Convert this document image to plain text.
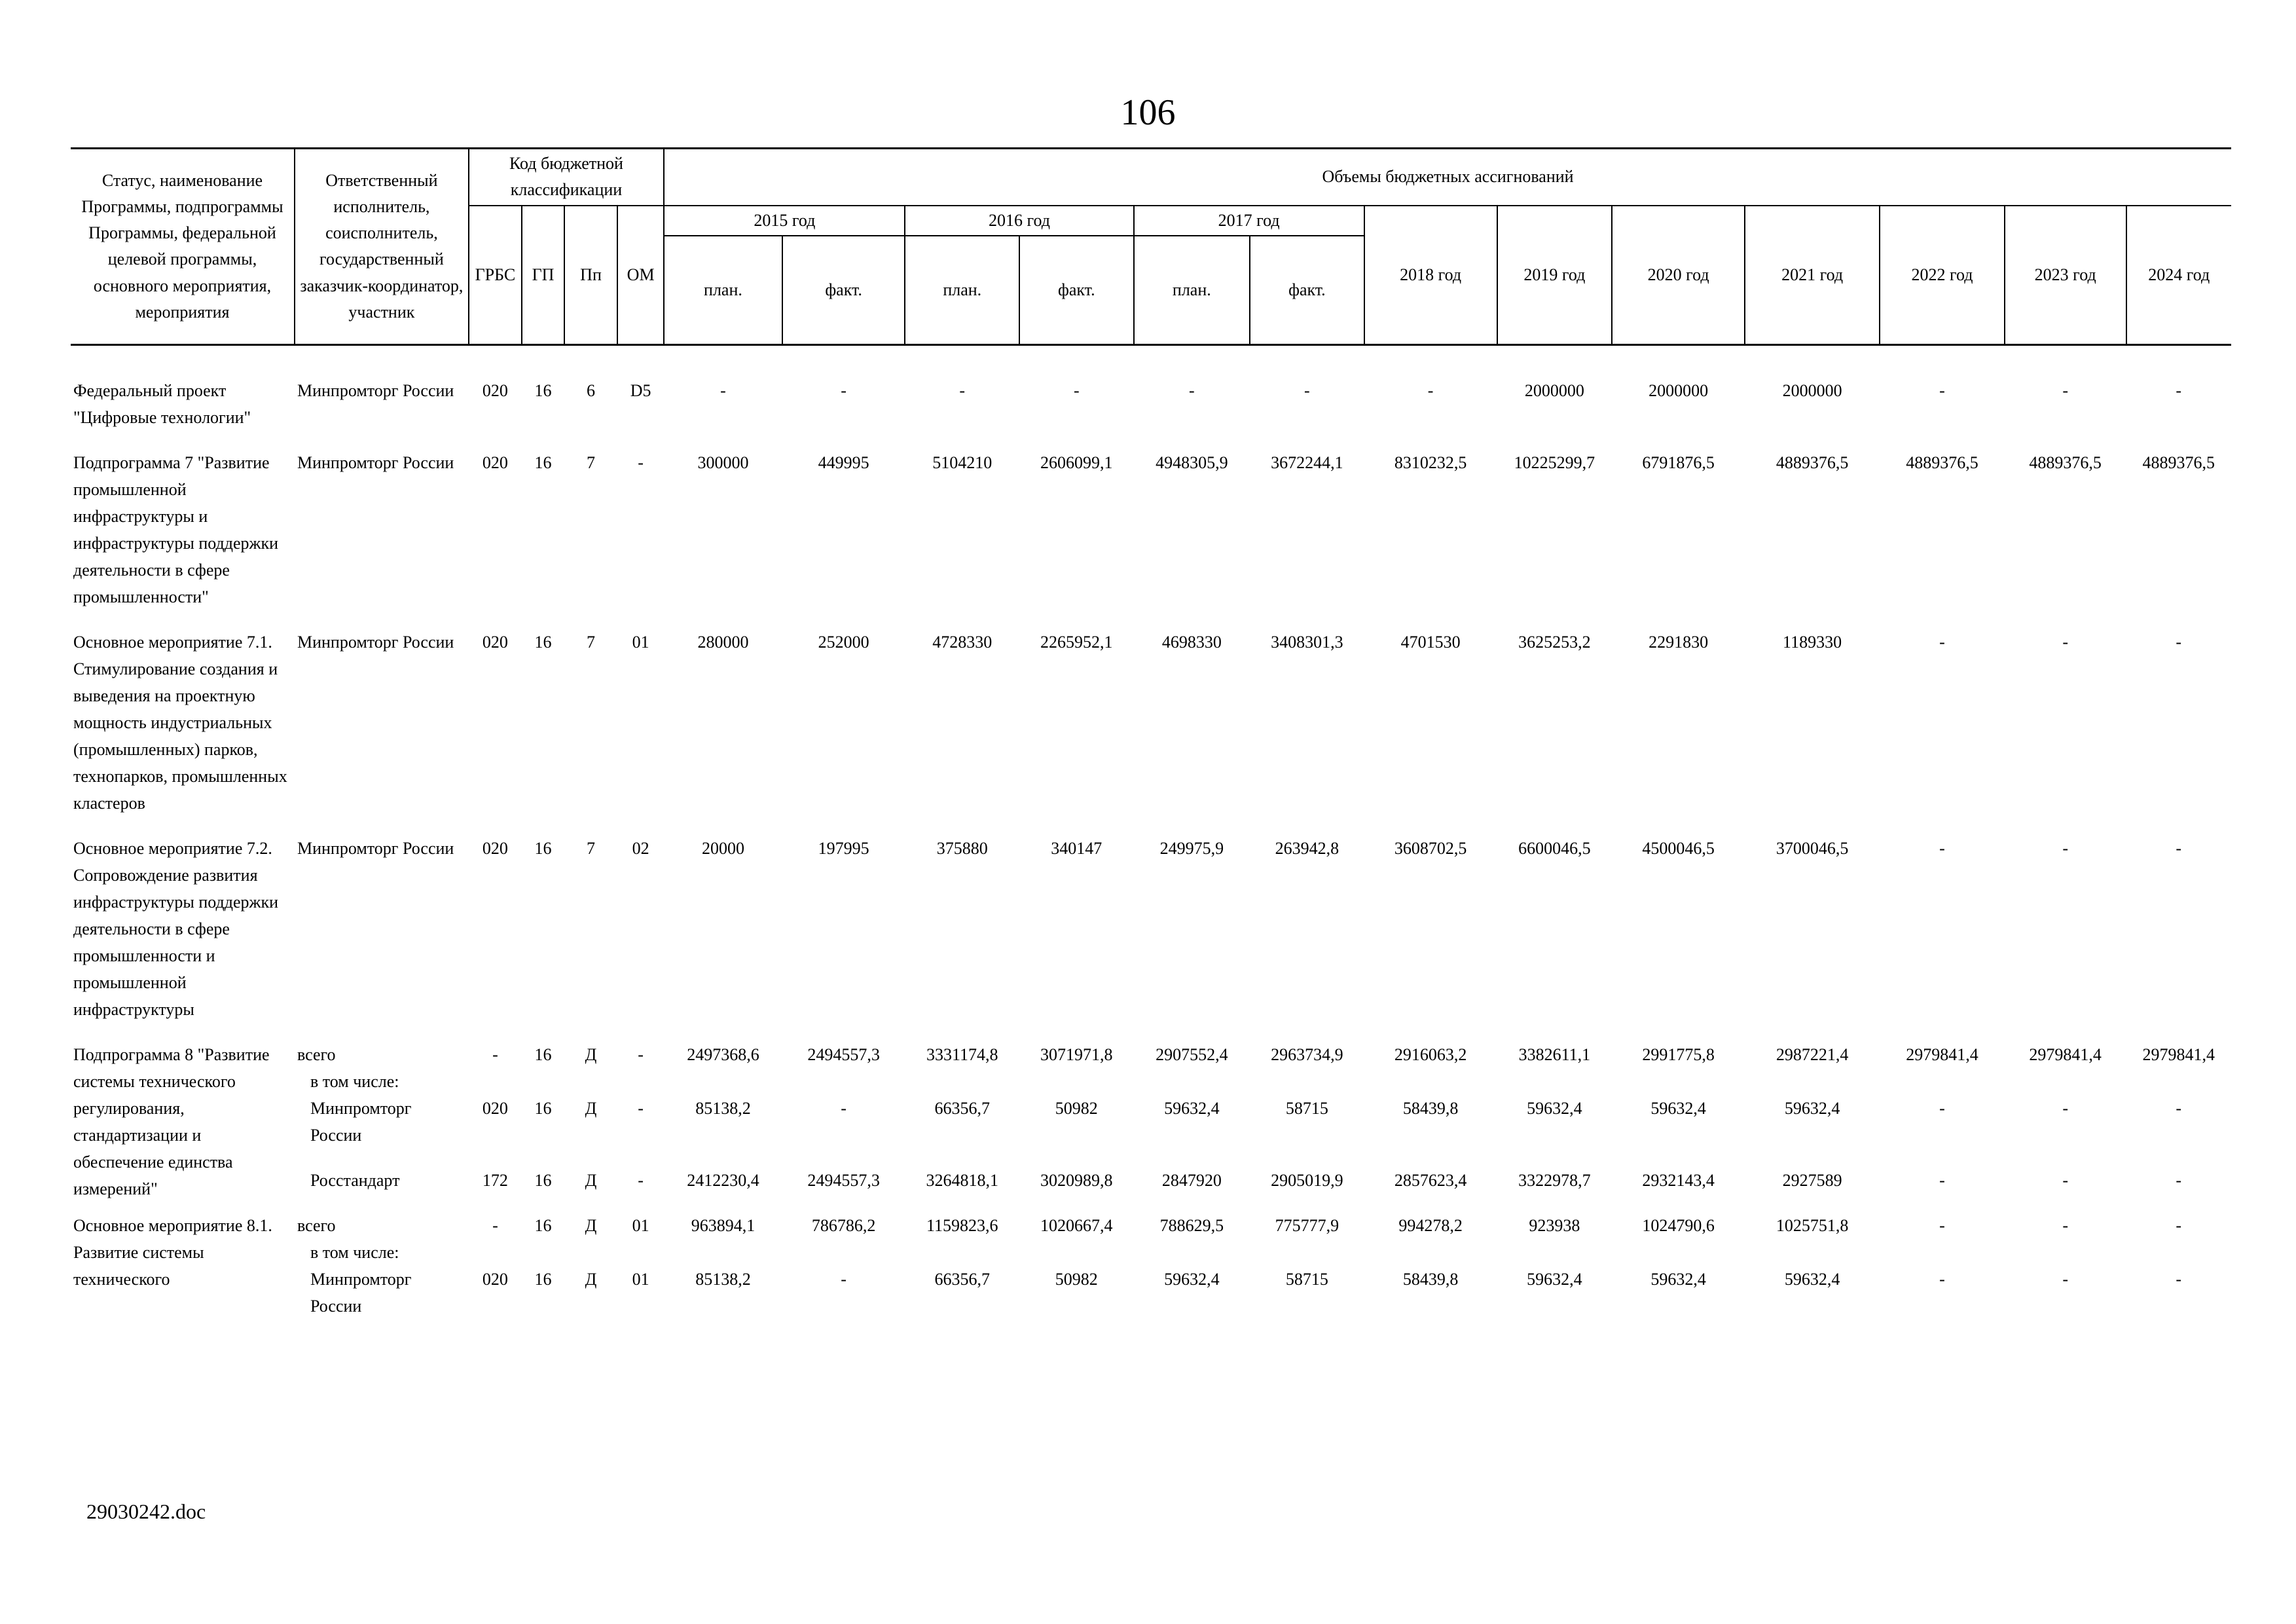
106
Статус, наименование Программы, подпрограммы Программы, федеральной целевой программы, основного мероприятия, мероприятия	Ответственный исполнитель, соисполнитель, государственный заказчик-координатор, участник	Код бюджетной классификации				Объемы бюджетных ассигнований												
		ГРБС	ГП	Пп	ОМ	2015 год		2016 год		2017 год		2018 год	2019 год	2020 год	2021 год	2022 год	2023 год	2024 год
						план.	факт.	план.	факт.	план.	факт.							

Федеральный проект "Цифровые технологии"	Минпромторг России	020	16	6	D5	-	-	-	-	-	-	-	2000000	2000000	2000000	-	-	-
Подпрограмма 7 "Развитие промышленной инфраструктуры и инфраструктуры поддержки деятельности в сфере промышленности"	Минпромторг России	020	16	7	-	300000	449995	5104210	2606099,1	4948305,9	3672244,1	8310232,5	10225299,7	6791876,5	4889376,5	4889376,5	4889376,5	4889376,5
Основное мероприятие 7.1. Стимулирование создания и выведения на проектную мощность индустриальных (промышленных) парков, технопарков, промышленных кластеров	Минпромторг России	020	16	7	01	280000	252000	4728330	2265952,1	4698330	3408301,3	4701530	3625253,2	2291830	1189330	-	-	-
Основное мероприятие 7.2. Сопровождение развития инфраструктуры поддержки деятельности в сфере промышленности и промышленной инфраструктуры	Минпромторг России	020	16	7	02	20000	197995	375880	340147	249975,9	263942,8	3608702,5	6600046,5	4500046,5	3700046,5	-	-	-
Подпрограмма 8 "Развитие системы технического регулирования, стандартизации и обеспечение единства измерений"	всего	-	16	Д	-	2497368,6	2494557,3	3331174,8	3071971,8	2907552,4	2963734,9	2916063,2	3382611,1	2991775,8	2987221,4	2979841,4	2979841,4	2979841,4
	в том числе:																	
	Минпромторг России	020	16	Д	-	85138,2	-	66356,7	50982	59632,4	58715	58439,8	59632,4	59632,4	59632,4	-	-	-
	Росстандарт	172	16	Д	-	2412230,4	2494557,3	3264818,1	3020989,8	2847920	2905019,9	2857623,4	3322978,7	2932143,4	2927589	-	-	-
Основное мероприятие 8.1. Развитие системы технического	всего	-	16	Д	01	963894,1	786786,2	1159823,6	1020667,4	788629,5	775777,9	994278,2	923938	1024790,6	1025751,8	-	-	-
	в том числе:																	
	Минпромторг России	020	16	Д	01	85138,2	-	66356,7	50982	59632,4	58715	58439,8	59632,4	59632,4	59632,4	-	-	-
29030242.doc
